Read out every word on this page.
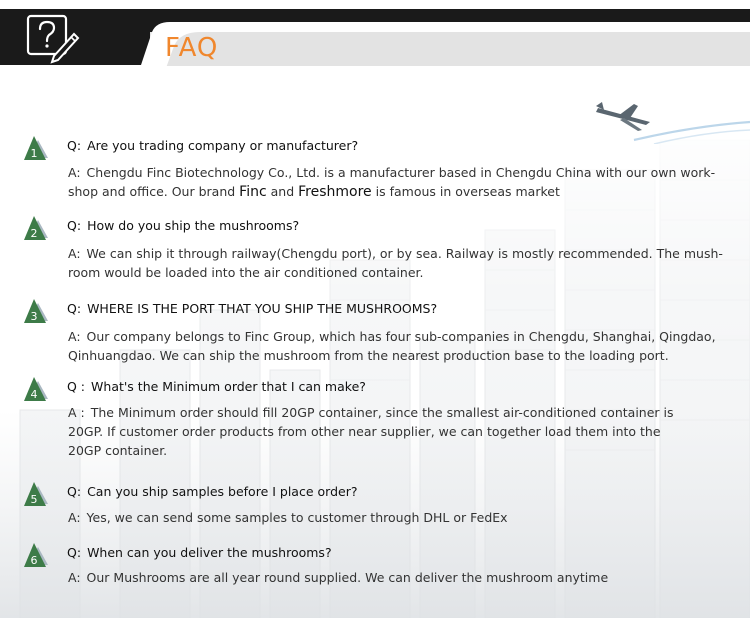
FAQ
1
Q: Are you trading company or manufacturer?
A: Chengdu Finc Biotechnology Co., Ltd. is a manufacturer based in Chengdu China with our own work-
shop and office. Our brand Finc and Freshmore is famous in overseas market
2
Q: How do you ship the mushrooms?
A: We can ship it through railway(Chengdu port), or by sea. Railway is mostly recommended. The mush-
room would be loaded into the air conditioned container.
3
Q: WHERE IS THE PORT THAT YOU SHIP THE MUSHROOMS?
A: Our company belongs to Finc Group, which has four sub-companies in Chengdu, Shanghai, Qingdao,
Qinhuangdao. We can ship the mushroom from the nearest production base to the loading port.
4
Q : What's the Minimum order that I can make?
A : The Minimum order should fill 20GP container, since the smallest air-conditioned container is
20GP. If customer order products from other near supplier, we can together load them into the
20GP container.
5
Q: Can you ship samples before I place order?
A: Yes, we can send some samples to customer through DHL or FedEx
6
Q: When can you deliver the mushrooms?
A: Our Mushrooms are all year round supplied. We can deliver the mushroom anytime
